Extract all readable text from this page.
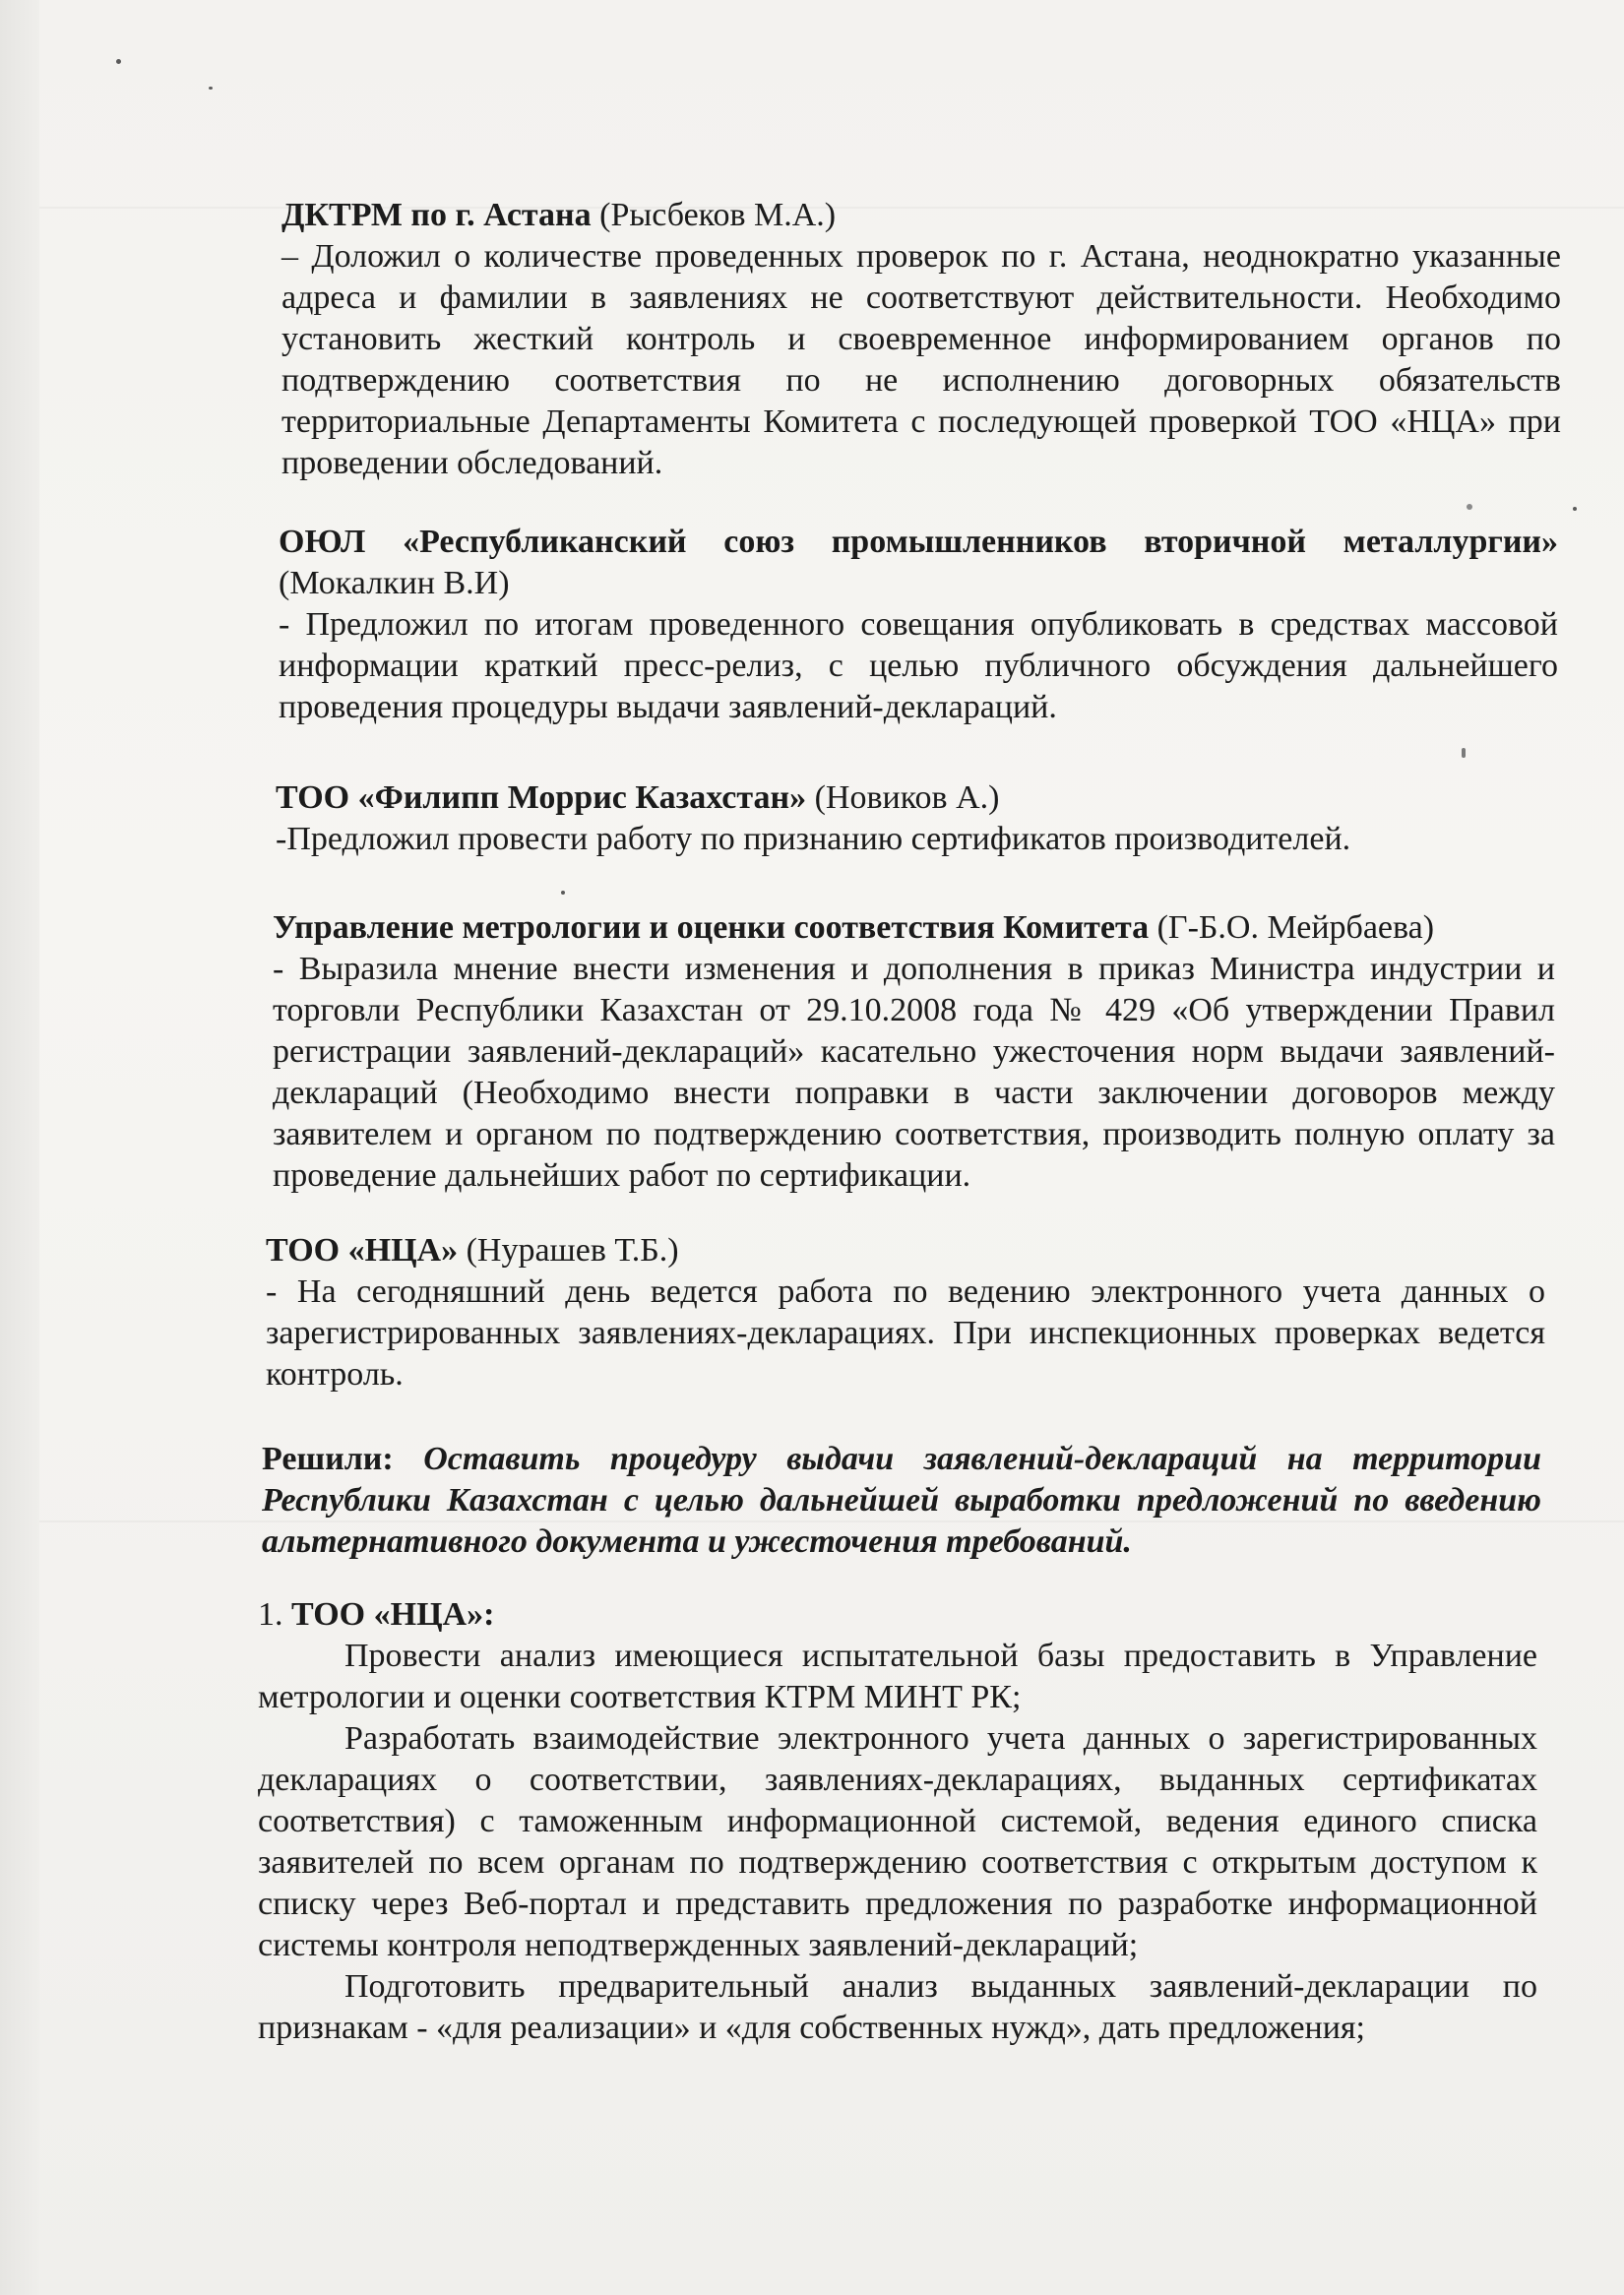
ДКТРМ по г. Астана (Рысбеков М.А.)

– Доложил о количестве проведенных проверок по г. Астана, неоднократно указанные адреса и фамилии в заявлениях не соответствуют действительности. Необходимо установить жесткий контроль и своевременное информированием органов по подтверждению соответствия по не исполнению договорных обязательств территориальные Департаменты Комитета с последующей проверкой ТОО «НЦА» при проведении обследований.

ОЮЛ «Республиканский союз промышленников вторичной металлургии» (Мокалкин В.И)

- Предложил по итогам проведенного совещания опубликовать в средствах массовой информации краткий пресс-релиз, с целью публичного обсуждения дальнейшего проведения процедуры выдачи заявлений-деклараций.

ТОО «Филипп Моррис Казахстан» (Новиков А.)

-Предложил провести работу по признанию сертификатов производителей.

Управление метрологии и оценки соответствия Комитета (Г-Б.О. Мейрбаева)

- Выразила мнение внести изменения и дополнения в приказ Министра индустрии и торговли Республики Казахстан от 29.10.2008 года № 429 «Об утверждении Правил регистрации заявлений-деклараций» касательно ужесточения норм выдачи заявлений-деклараций (Необходимо внести поправки в части заключении договоров между заявителем и органом по подтверждению соответствия, производить полную оплату за проведение дальнейших работ по сертификации.

ТОО «НЦА» (Нурашев Т.Б.)

- На сегодняшний день ведется работа по ведению электронного учета данных о зарегистрированных заявлениях-декларациях. При инспекционных проверках ведется контроль.

Решили: Оставить процедуру выдачи заявлений-деклараций на территории Республики Казахстан с целью дальнейшей выработки предложений по введению альтернативного документа и ужесточения требований.

1. ТОО «НЦА»:

Провести анализ имеющиеся испытательной базы предоставить в Управление метрологии и оценки соответствия КТРМ МИНТ РК;

Разработать взаимодействие электронного учета данных о зарегистрированных декларациях о соответствии, заявлениях-декларациях, выданных сертификатах соответствия) с таможенным информационной системой, ведения единого списка заявителей по всем органам по подтверждению соответствия с открытым доступом к списку через Веб-портал и представить предложения по разработке информационной системы контроля неподтвержденных заявлений-деклараций;

Подготовить предварительный анализ выданных заявлений-декларации по признакам - «для реализации» и «для собственных нужд», дать предложения;
